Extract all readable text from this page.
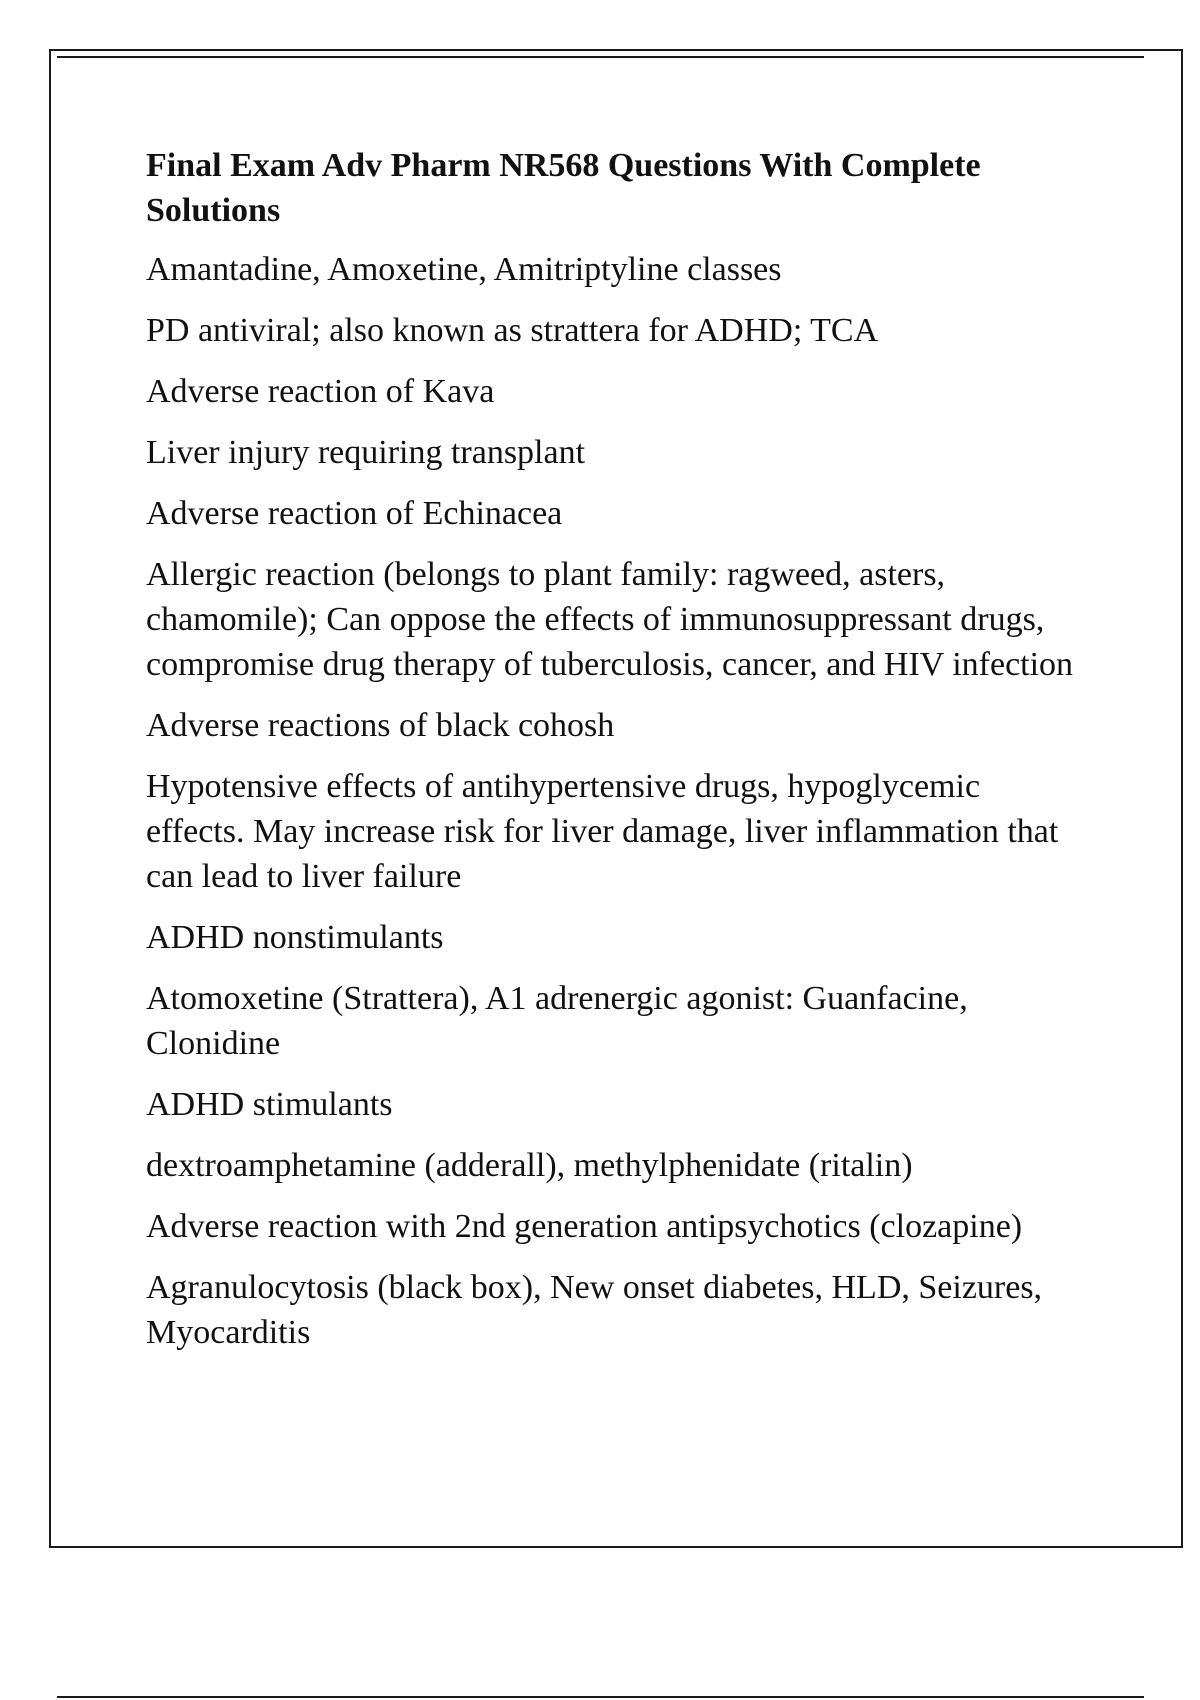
Final Exam Adv Pharm NR568 Questions With Complete Solutions
Amantadine, Amoxetine, Amitriptyline classes
PD antiviral; also known as strattera for ADHD; TCA
Adverse reaction of Kava
Liver injury requiring transplant
Adverse reaction of Echinacea
Allergic reaction (belongs to plant family: ragweed, asters, chamomile); Can oppose the effects of immunosuppressant drugs, compromise drug therapy of tuberculosis, cancer, and HIV infection
Adverse reactions of black cohosh
Hypotensive effects of antihypertensive drugs, hypoglycemic effects. May increase risk for liver damage, liver inflammation that can lead to liver failure
ADHD nonstimulants
Atomoxetine (Strattera), A1 adrenergic agonist: Guanfacine, Clonidine
ADHD stimulants
dextroamphetamine (adderall), methylphenidate (ritalin)
Adverse reaction with 2nd generation antipsychotics (clozapine)
Agranulocytosis (black box), New onset diabetes, HLD, Seizures, Myocarditis
